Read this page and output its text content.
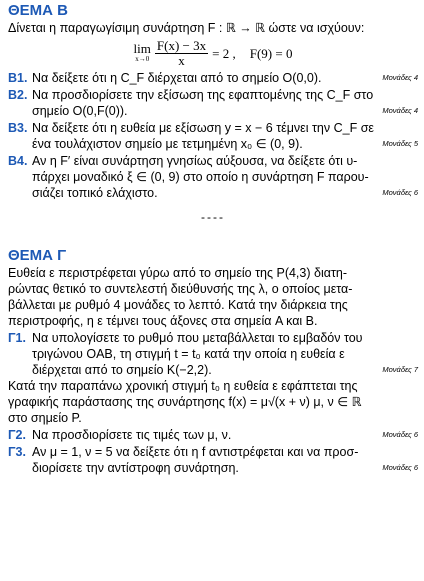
ΘΕΜΑ Β
Δίνεται η παραγωγίσιμη συνάρτηση F : ℝ → ℝ ώστε να ισχύουν:
lim
$x\to 0 \frac{F(x) - 3x}{x} = 2$ , F(9) = 0
Β1. Να δείξετε ότι η C_F διέρχεται από το σημείο O(0,0).	Μονάδες 4
Β2. Να προσδιορίσετε την εξίσωση της εφαπτομένης της C_F στο
σημείο O(0,F(0)).	Μονάδες 4
Β3. Να δείξετε ότι η ευθεία με εξίσωση y = x − 6 τέμνει την C_F σε
ένα τουλάχιστον σημείο με τετμημένη x₀ ∈ (0, 9).	Μονάδες 5
Β4. Αν η F′ είναι συνάρτηση γνησίως αύξουσα, να δείξετε ότι υ-
πάρχει μοναδικό ξ ∈ (0, 9) στο οποίο η συνάρτηση F παρου-
σιάζει τοπικό ελάχιστο.	Μονάδες 6
----
ΘΕΜΑ Γ
Ευθεία ε περιστρέφεται γύρω από το σημείο της P(4,3) διατη-
ρώντας θετικό το συντελεστή διεύθυνσής της λ, ο οποίος μετα-
βάλλεται με ρυθμό 4 μονάδες το λεπτό. Κατά την διάρκεια της
περιστροφής, η ε τέμνει τους άξονες στα σημεία A και B.
Γ1. Να υπολογίσετε το ρυθμό που μεταβάλλεται το εμβαδόν του
τριγώνου OAB, τη στιγμή t = t₀ κατά την οποία η ευθεία ε
διέρχεται από το σημείο K(−2,2).	Μονάδες 7
Κατά την παραπάνω χρονική στιγμή t₀ η ευθεία ε εφάπτεται της
γραφικής παράστασης της συνάρτησης f(x) = μ√(x + ν) μ, ν ∈ ℝ
στο σημείο P.
Γ2. Να προσδιορίσετε τις τιμές των μ, ν.	Μονάδες 6
Γ3. Αν μ = 1, ν = 5 να δείξετε ότι η f αντιστρέφεται και να προσ-
διορίσετε την αντίστροφη συνάρτηση.	Μονάδες 6
